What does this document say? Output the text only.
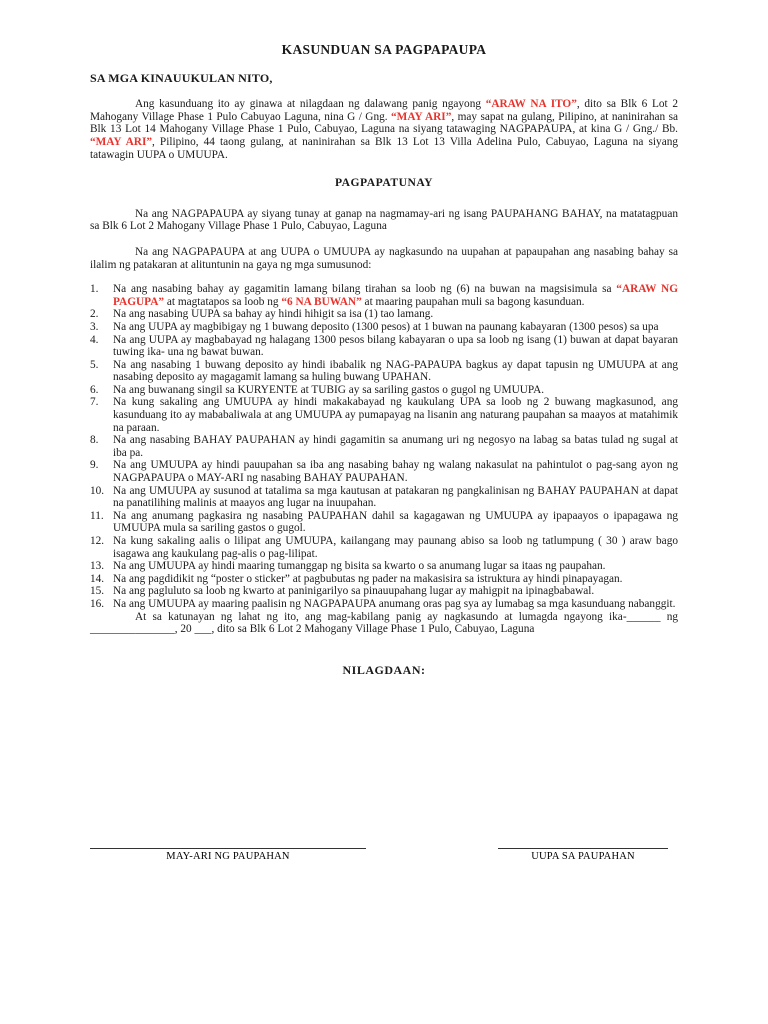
KASUNDUAN SA PAGPAPAUPA
SA MGA KINAUUKULAN NITO,

Ang kasunduang ito ay ginawa at nilagdaan ng dalawang panig ngayong “ARAW NA ITO”, dito sa Blk 6 Lot 2 Mahogany Village Phase 1 Pulo Cabuyao Laguna, nina G / Gng. “MAY ARI”, may sapat na gulang, Pilipino, at naninirahan sa Blk 13 Lot 14 Mahogany Village Phase 1 Pulo, Cabuyao, Laguna na siyang tatawaging NAGPAPAUPA, at kina G / Gng./ Bb. “MAY ARI”, Pilipino, 44 taong gulang, at naninirahan sa Blk 13 Lot 13 Villa Adelina Pulo, Cabuyao, Laguna na siyang tatawagin UUPA o UMUUPA.

PAGPAPATUNAY

Na ang NAGPAPAUPA ay siyang tunay at ganap na nagmamay-ari ng isang PAUPAHANG BAHAY, na matatagpuan sa Blk 6 Lot 2 Mahogany Village Phase 1 Pulo, Cabuyao, Laguna

Na ang NAGPAPAUPA at ang UUPA o UMUUPA ay nagkasundo na uupahan at papaupahan ang nasabing bahay sa ilalim ng patakaran at alituntunin na gaya ng mga sumusunod:

1.	Na ang nasabing bahay ay gagamitin lamang bilang tirahan sa loob ng (6) na buwan na magsisimula sa “ARAW NG PAGUPA” at magtatapos sa loob ng “6 NA BUWAN” at maaring paupahan muli sa bagong kasunduan.
2.	Na ang nasabing UUPA sa bahay ay hindi hihigit sa isa (1) tao lamang.
3.	Na ang UUPA ay magbibigay ng 1 buwang deposito (1300 pesos) at 1 buwan na paunang kabayaran (1300 pesos) sa upa
4.	Na ang UUPA ay magbabayad ng halagang 1300 pesos bilang kabayaran o upa sa loob ng isang (1) buwan at dapat bayaran tuwing ika- una ng bawat buwan.
5.	Na ang nasabing 1 buwang deposito ay hindi ibabalik ng NAG-PAPAUPA bagkus ay dapat tapusin ng UMUUPA at ang nasabing deposito ay magagamit lamang sa huling buwang UPAHAN.
6.	Na ang buwanang singil sa KURYENTE at TUBIG ay sa sariling gastos o gugol ng UMUUPA.
7.	Na kung sakaling ang UMUUPA ay hindi makakabayad ng kaukulang UPA sa loob ng 2 buwang magkasunod, ang kasunduang ito ay mababaliwala at ang UMUUPA ay pumapayag na lisanin ang naturang paupahan sa maayos at matahimik na paraan.
8.	Na ang nasabing BAHAY PAUPAHAN ay hindi gagamitin sa anumang uri ng negosyo na labag sa batas tulad ng sugal at iba pa.
9.	Na ang UMUUPA ay hindi pauupahan sa iba ang nasabing bahay ng walang nakasulat na pahintulot o pag-sang ayon ng NAGPAPAUPA o MAY-ARI ng nasabing BAHAY PAUPAHAN.
10. Na ang UMUUPA ay susunod at tatalima sa mga kautusan at patakaran ng pangkalinisan ng BAHAY PAUPAHAN at dapat na panatilihing malinis at maayos ang lugar na inuupahan.
11. Na ang anumang pagkasira ng nasabing PAUPAHAN dahil sa kagagawan ng UMUUPA ay ipapaayos o ipapagawa ng UMUUPA mula sa sariling gastos o gugol.
12. Na kung sakaling aalis o lilipat ang UMUUPA, kailangang may paunang abiso sa loob ng tatlumpung ( 30 ) araw bago isagawa ang kaukulang pag-alis o pag-lilipat.
13. Na ang UMUUPA ay hindi maaring tumanggap ng bisita sa kwarto o sa anumang lugar sa itaas ng paupahan.
14. Na ang pagdidikit ng “poster o sticker” at pagbubutas ng pader na makasisira sa istruktura ay hindi pinapayagan.
15. Na ang pagluluto sa loob ng kwarto at paninigarilyo sa pinauupahang lugar ay mahigpit na ipinagbabawal.
16. Na ang UMUUPA ay maaring paalisin ng NAGPAPAUPA anumang oras pag sya ay lumabag sa mga kasunduang nabanggit.

At sa katunayan ng lahat ng ito, ang mag-kabilang panig ay nagkasundo at lumagda ngayong ika-______ ng _______________, 20 ___, dito sa Blk 6 Lot 2 Mahogany Village Phase 1 Pulo, Cabuyao, Laguna

NILAGDAAN:
MAY-ARI NG PAUPAHAN	UUPA SA PAUPAHAN
